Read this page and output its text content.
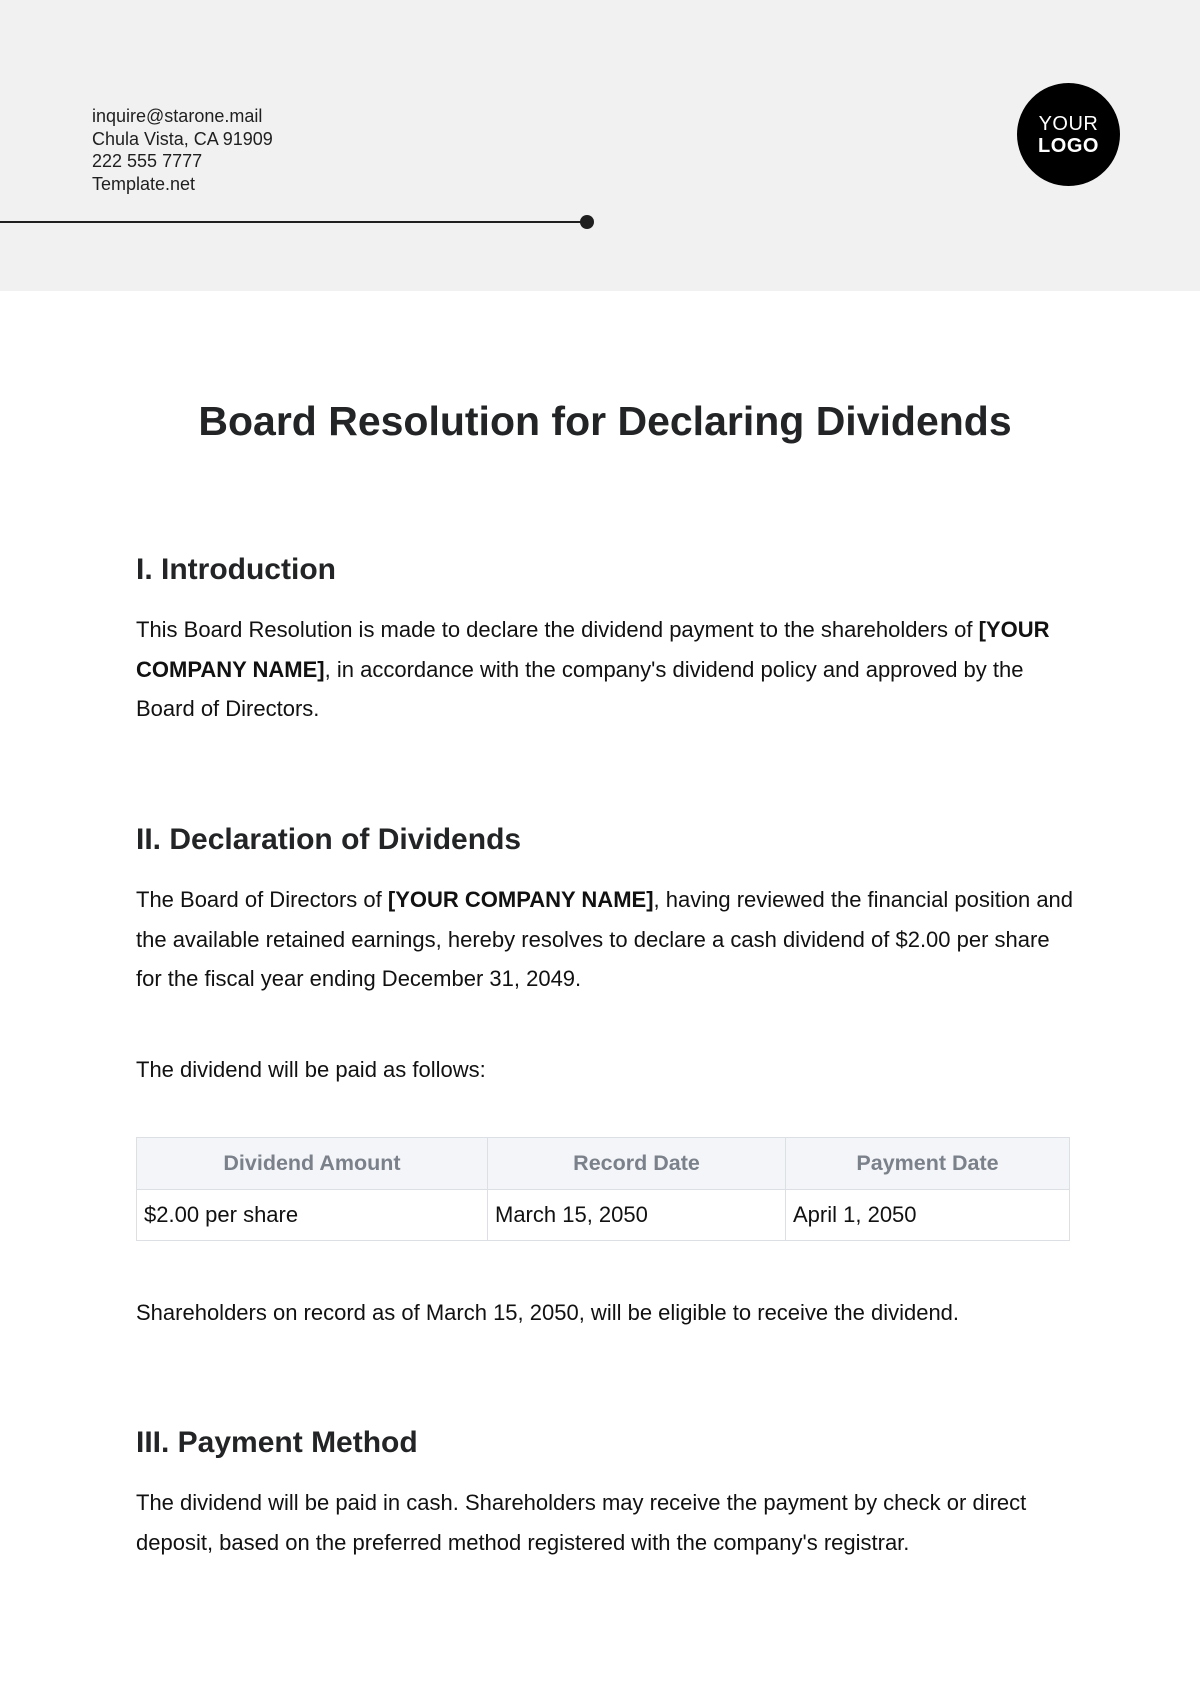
inquire@starone.mail
Chula Vista, CA 91909
222 555 7777
Template.net
YOUR
LOGO
Board Resolution for Declaring Dividends
I. Introduction
This Board Resolution is made to declare the dividend payment to the shareholders of [YOUR COMPANY NAME], in accordance with the company's dividend policy and approved by the Board of Directors.
II. Declaration of Dividends
The Board of Directors of [YOUR COMPANY NAME], having reviewed the financial position and the available retained earnings, hereby resolves to declare a cash dividend of $2.00 per share for the fiscal year ending December 31, 2049.
The dividend will be paid as follows:
Dividend Amount	Record Date	Payment Date
$2.00 per share	March 15, 2050	April 1, 2050
Shareholders on record as of March 15, 2050, will be eligible to receive the dividend.
III. Payment Method
The dividend will be paid in cash. Shareholders may receive the payment by check or direct deposit, based on the preferred method registered with the company's registrar.
